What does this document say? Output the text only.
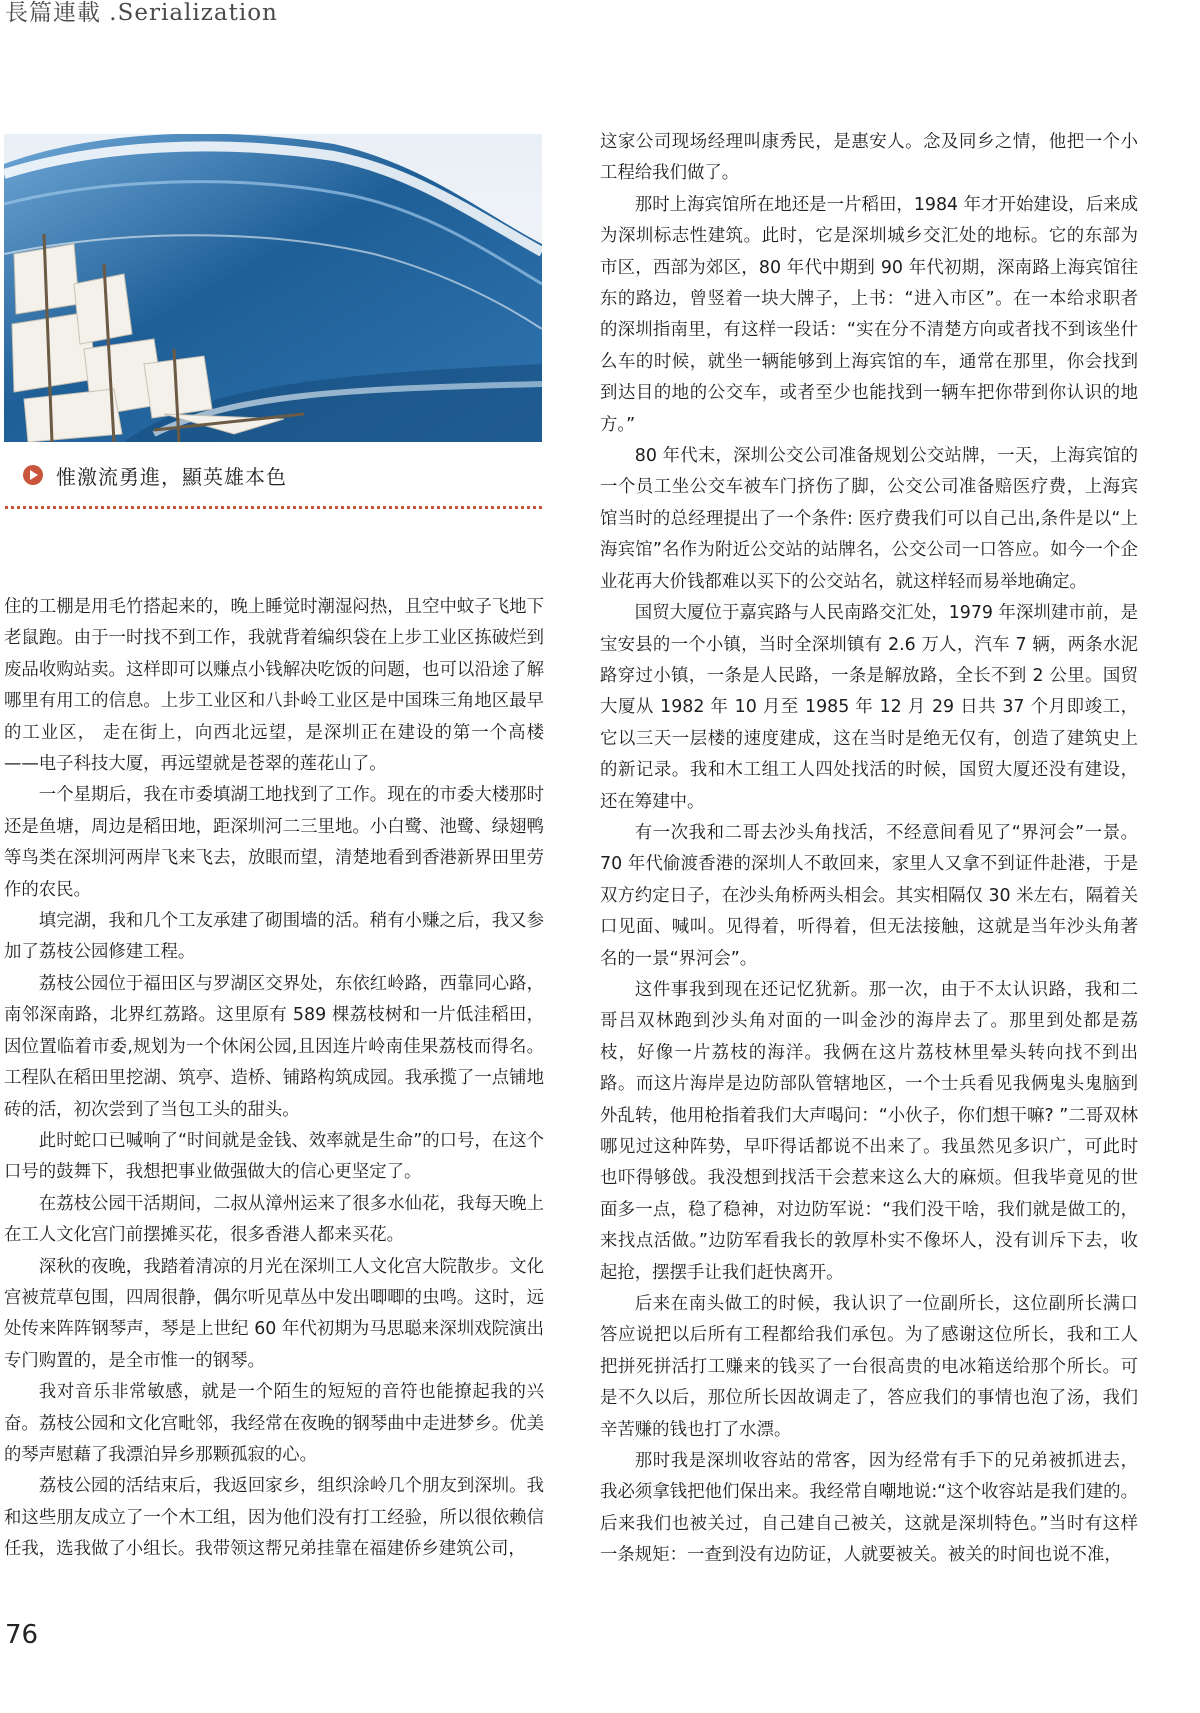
長篇連載 .Serialization
惟激流勇進，顯英雄本色

住的工棚是用毛竹搭起来的，晚上睡觉时潮湿闷热，且空中蚊子飞地下老鼠跑。由于一时找不到工作，我就背着编织袋在上步工业区拣破烂到废品收购站卖。这样即可以赚点小钱解决吃饭的问题，也可以沿途了解哪里有用工的信息。上步工业区和八卦岭工业区是中国珠三角地区最早的工业区， 走在街上，向西北远望，是深圳正在建设的第一个高楼——电子科技大厦，再远望就是苍翠的莲花山了。

一个星期后，我在市委填湖工地找到了工作。现在的市委大楼那时还是鱼塘，周边是稻田地，距深圳河二三里地。小白鹭、池鹭、绿翅鸭等鸟类在深圳河两岸飞来飞去，放眼而望，清楚地看到香港新界田里劳作的农民。

填完湖，我和几个工友承建了砌围墙的活。稍有小赚之后，我又参加了荔枝公园修建工程。

荔枝公园位于福田区与罗湖区交界处，东依红岭路，西靠同心路，南邻深南路，北界红荔路。这里原有 589 棵荔枝树和一片低洼稻田，因位置临着市委,规划为一个休闲公园,且因连片岭南佳果荔枝而得名。工程队在稻田里挖湖、筑亭、造桥、铺路构筑成园。我承揽了一点铺地砖的活，初次尝到了当包工头的甜头。

此时蛇口已喊响了“时间就是金钱、效率就是生命”的口号，在这个口号的鼓舞下，我想把事业做强做大的信心更坚定了。

在荔枝公园干活期间，二叔从漳州运来了很多水仙花，我每天晚上在工人文化宫门前摆摊买花，很多香港人都来买花。

深秋的夜晚，我踏着清凉的月光在深圳工人文化宫大院散步。文化宫被荒草包围，四周很静，偶尔听见草丛中发出唧唧的虫鸣。这时，远处传来阵阵钢琴声，琴是上世纪 60 年代初期为马思聪来深圳戏院演出专门购置的，是全市惟一的钢琴。

我对音乐非常敏感，就是一个陌生的短短的音符也能撩起我的兴奋。荔枝公园和文化宫毗邻，我经常在夜晚的钢琴曲中走进梦乡。优美的琴声慰藉了我漂泊异乡那颗孤寂的心。

荔枝公园的活结束后，我返回家乡，组织涂岭几个朋友到深圳。我和这些朋友成立了一个木工组，因为他们没有打工经验，所以很依赖信任我，选我做了小组长。我带领这帮兄弟挂靠在福建侨乡建筑公司，

这家公司现场经理叫康秀民，是惠安人。念及同乡之情，他把一个小工程给我们做了。

那时上海宾馆所在地还是一片稻田，1984 年才开始建设，后来成为深圳标志性建筑。此时，它是深圳城乡交汇处的地标。它的东部为市区，西部为郊区，80 年代中期到 90 年代初期，深南路上海宾馆往东的路边，曾竖着一块大牌子，上书：“进入市区”。在一本给求职者的深圳指南里，有这样一段话：“实在分不清楚方向或者找不到该坐什么车的时候，就坐一辆能够到上海宾馆的车，通常在那里，你会找到到达目的地的公交车，或者至少也能找到一辆车把你带到你认识的地方。”

80 年代末，深圳公交公司准备规划公交站牌，一天，上海宾馆的一个员工坐公交车被车门挤伤了脚，公交公司准备赔医疗费，上海宾馆当时的总经理提出了一个条件: 医疗费我们可以自己出,条件是以“上海宾馆”名作为附近公交站的站牌名，公交公司一口答应。如今一个企业花再大价钱都难以买下的公交站名，就这样轻而易举地确定。

国贸大厦位于嘉宾路与人民南路交汇处，1979 年深圳建市前，是宝安县的一个小镇，当时全深圳镇有 2.6 万人，汽车 7 辆，两条水泥路穿过小镇，一条是人民路，一条是解放路，全长不到 2 公里。国贸大厦从 1982 年 10 月至 1985 年 12 月 29 日共 37 个月即竣工，它以三天一层楼的速度建成，这在当时是绝无仅有，创造了建筑史上的新记录。我和木工组工人四处找活的时候，国贸大厦还没有建设，还在筹建中。

有一次我和二哥去沙头角找活，不经意间看见了“界河会”一景。70 年代偷渡香港的深圳人不敢回来，家里人又拿不到证件赴港，于是双方约定日子，在沙头角桥两头相会。其实相隔仅 30 米左右，隔着关口见面、喊叫。见得着，听得着，但无法接触，这就是当年沙头角著名的一景“界河会”。

这件事我到现在还记忆犹新。那一次，由于不太认识路，我和二哥吕双林跑到沙头角对面的一叫金沙的海岸去了。那里到处都是荔枝，好像一片荔枝的海洋。我俩在这片荔枝林里晕头转向找不到出路。而这片海岸是边防部队管辖地区，一个士兵看见我俩鬼头鬼脑到外乱转，他用枪指着我们大声喝问：“小伙子，你们想干嘛? ”二哥双林哪见过这种阵势，早吓得话都说不出来了。我虽然见多识广，可此时也吓得够戗。我没想到找活干会惹来这么大的麻烦。但我毕竟见的世面多一点，稳了稳神，对边防军说：“我们没干啥，我们就是做工的，来找点活做。”边防军看我长的敦厚朴实不像坏人，没有训斥下去，收起抢，摆摆手让我们赶快离开。

后来在南头做工的时候，我认识了一位副所长，这位副所长满口答应说把以后所有工程都给我们承包。为了感谢这位所长，我和工人把拼死拼活打工赚来的钱买了一台很高贵的电冰箱送给那个所长。可是不久以后，那位所长因故调走了，答应我们的事情也泡了汤，我们辛苦赚的钱也打了水漂。

那时我是深圳收容站的常客，因为经常有手下的兄弟被抓进去，我必须拿钱把他们保出来。我经常自嘲地说:“这个收容站是我们建的。后来我们也被关过，自己建自己被关，这就是深圳特色。”当时有这样一条规矩：一查到没有边防证，人就要被关。被关的时间也说不准，

76
